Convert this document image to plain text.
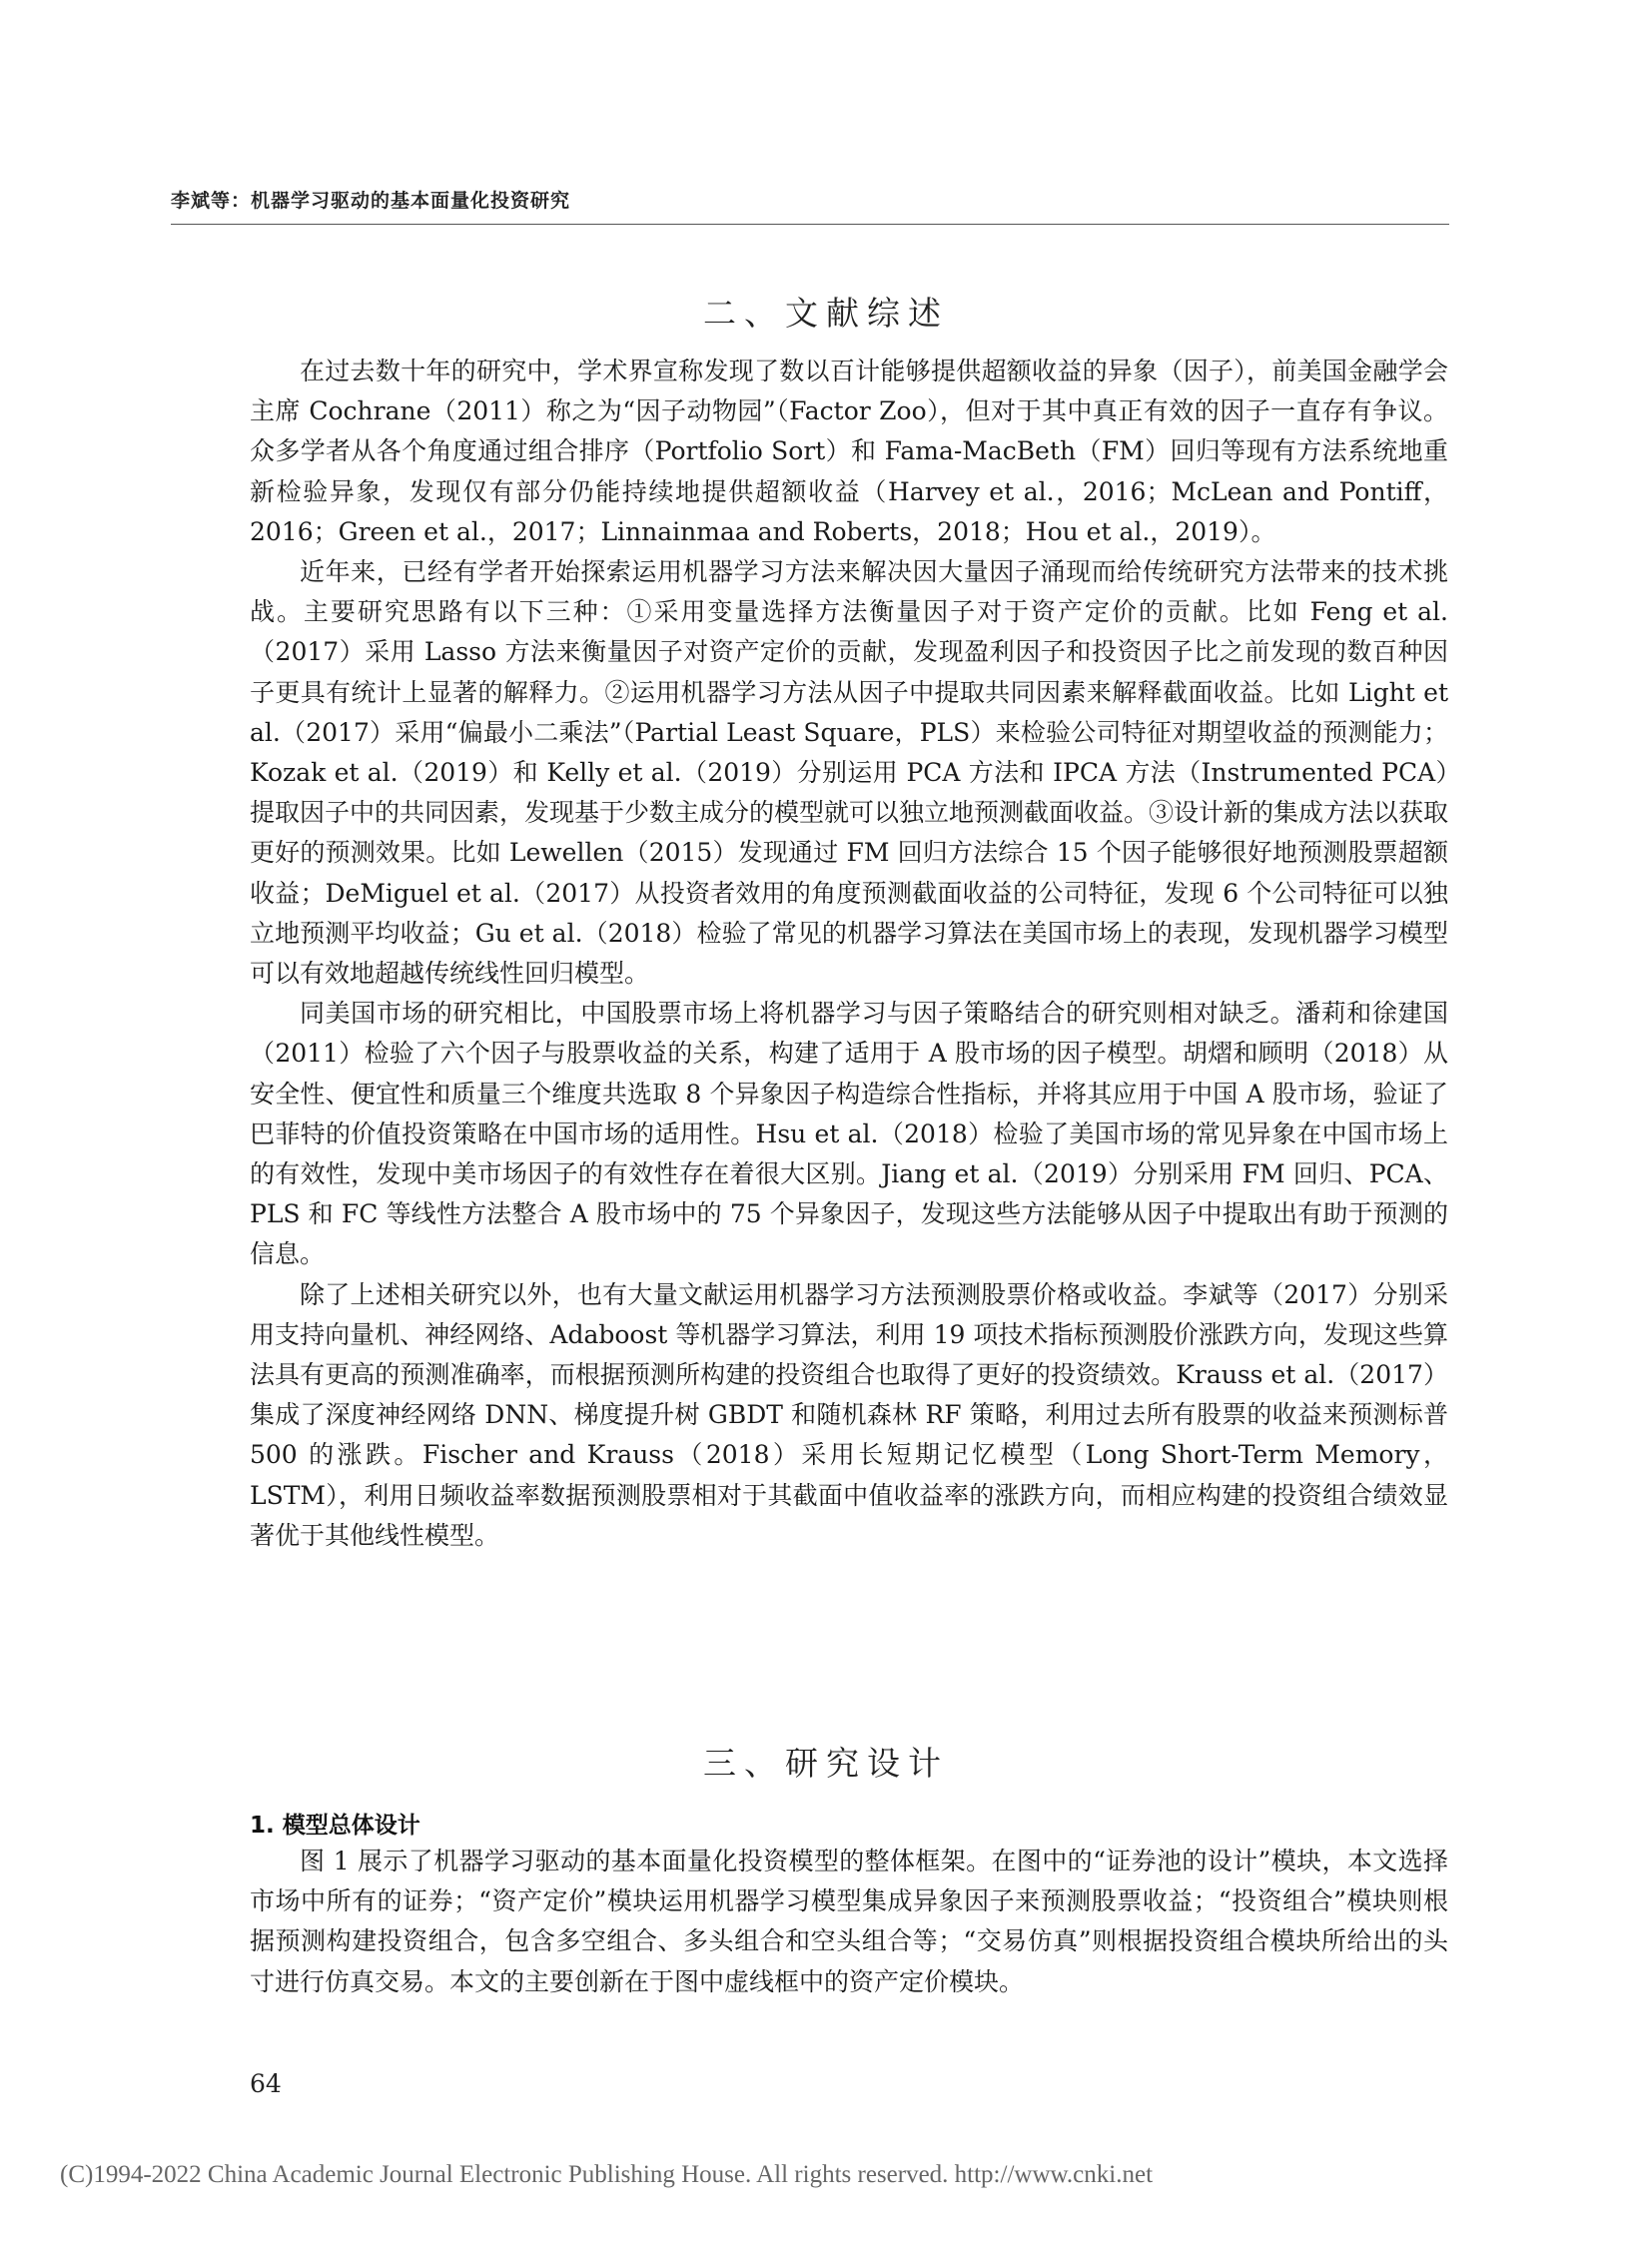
李斌等：机器学习驱动的基本面量化投资研究
二、文献综述

在过去数十年的研究中，学术界宣称发现了数以百计能够提供超额收益的异象（因子），前美国金融学会主席 Cochrane（2011）称之为“因子动物园”（Factor Zoo），但对于其中真正有效的因子一直存有争议。众多学者从各个角度通过组合排序（Portfolio Sort）和 Fama-MacBeth（FM）回归等现有方法系统地重新检验异象，发现仅有部分仍能持续地提供超额收益（Harvey et al.，2016；McLean and Pontiff，2016；Green et al.，2017；Linnainmaa and Roberts，2018；Hou et al.，2019）。

近年来，已经有学者开始探索运用机器学习方法来解决因大量因子涌现而给传统研究方法带来的技术挑战。主要研究思路有以下三种：①采用变量选择方法衡量因子对于资产定价的贡献。比如 Feng et al.（2017）采用 Lasso 方法来衡量因子对资产定价的贡献，发现盈利因子和投资因子比之前发现的数百种因子更具有统计上显著的解释力。②运用机器学习方法从因子中提取共同因素来解释截面收益。比如 Light et al.（2017）采用“偏最小二乘法”（Partial Least Square，PLS）来检验公司特征对期望收益的预测能力；Kozak et al.（2019）和 Kelly et al.（2019）分别运用 PCA 方法和 IPCA 方法（Instrumented PCA）提取因子中的共同因素，发现基于少数主成分的模型就可以独立地预测截面收益。③设计新的集成方法以获取更好的预测效果。比如 Lewellen（2015）发现通过 FM 回归方法综合 15 个因子能够很好地预测股票超额收益；DeMiguel et al.（2017）从投资者效用的角度预测截面收益的公司特征，发现 6 个公司特征可以独立地预测平均收益；Gu et al.（2018）检验了常见的机器学习算法在美国市场上的表现，发现机器学习模型可以有效地超越传统线性回归模型。

同美国市场的研究相比，中国股票市场上将机器学习与因子策略结合的研究则相对缺乏。潘莉和徐建国（2011）检验了六个因子与股票收益的关系，构建了适用于 A 股市场的因子模型。胡熠和顾明（2018）从安全性、便宜性和质量三个维度共选取 8 个异象因子构造综合性指标，并将其应用于中国 A 股市场，验证了巴菲特的价值投资策略在中国市场的适用性。Hsu et al.（2018）检验了美国市场的常见异象在中国市场上的有效性，发现中美市场因子的有效性存在着很大区别。Jiang et al.（2019）分别采用 FM 回归、PCA、PLS 和 FC 等线性方法整合 A 股市场中的 75 个异象因子，发现这些方法能够从因子中提取出有助于预测的信息。

除了上述相关研究以外，也有大量文献运用机器学习方法预测股票价格或收益。李斌等（2017）分别采用支持向量机、神经网络、Adaboost 等机器学习算法，利用 19 项技术指标预测股价涨跌方向，发现这些算法具有更高的预测准确率，而根据预测所构建的投资组合也取得了更好的投资绩效。Krauss et al.（2017）集成了深度神经网络 DNN、梯度提升树 GBDT 和随机森林 RF 策略，利用过去所有股票的收益来预测标普 500 的涨跌。Fischer and Krauss（2018）采用长短期记忆模型（Long Short-Term Memory，LSTM），利用日频收益率数据预测股票相对于其截面中值收益率的涨跌方向，而相应构建的投资组合绩效显著优于其他线性模型。

三、研究设计
1. 模型总体设计

图 1 展示了机器学习驱动的基本面量化投资模型的整体框架。在图中的“证券池的设计”模块，本文选择市场中所有的证券；“资产定价”模块运用机器学习模型集成异象因子来预测股票收益；“投资组合”模块则根据预测构建投资组合，包含多空组合、多头组合和空头组合等；“交易仿真”则根据投资组合模块所给出的头寸进行仿真交易。本文的主要创新在于图中虚线框中的资产定价模块。

64
(C)1994-2022 China Academic Journal Electronic Publishing House. All rights reserved. http://www.cnki.net
